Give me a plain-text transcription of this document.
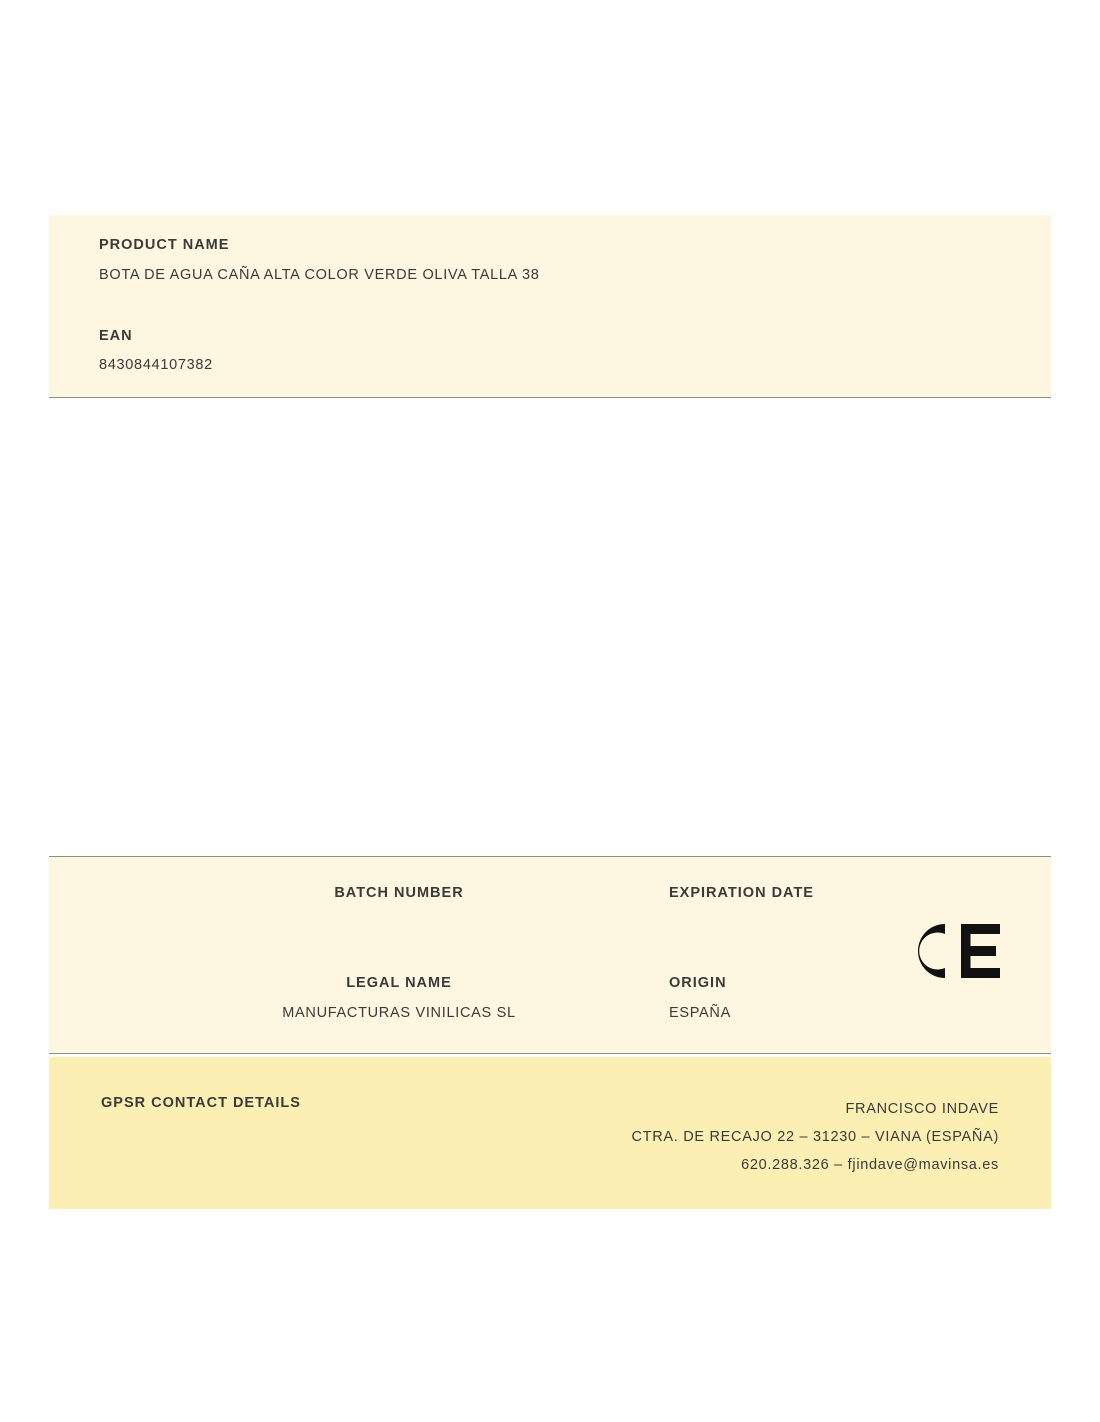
PRODUCT NAME
BOTA DE AGUA CAÑA ALTA COLOR VERDE OLIVA TALLA 38
EAN
8430844107382
BATCH NUMBER	EXPIRATION DATE
LEGAL NAME
MANUFACTURAS VINILICAS SL
ORIGIN
ESPAÑA
GPSR CONTACT DETAILS	FRANCISCO INDAVE
CTRA. DE RECAJO 22 – 31230 – VIANA (ESPAÑA)
620.288.326 – fjindave@mavinsa.es
